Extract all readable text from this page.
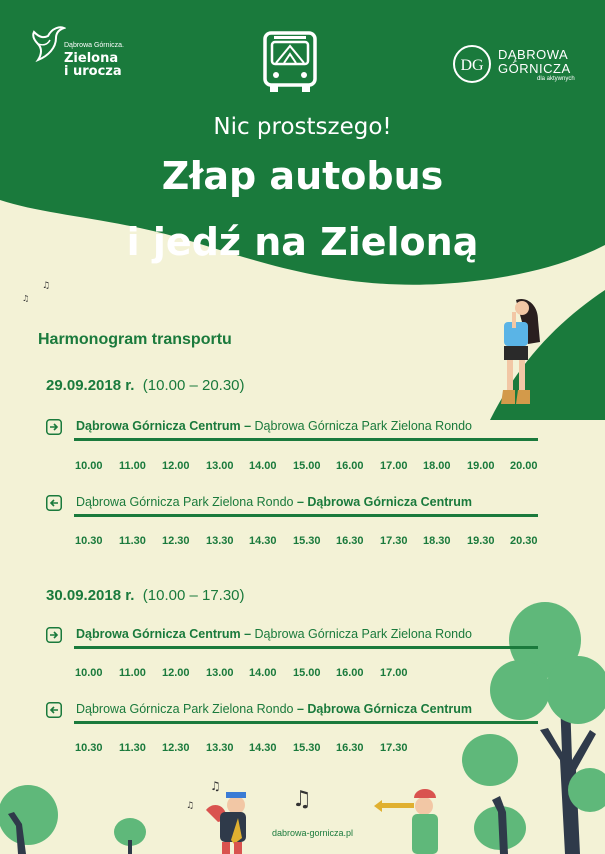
♫
♫
♫
♫
♫
Dąbrowa Górnicza.
Zielona
i urocza	DG
DĄBROWA
GÓRNICZA
dla aktywnych
Nic prostszego!
Złap autobus
i jedź na Zieloną
Harmonogram transportu
29.09.2018 r. (10.00 – 20.30)
Dąbrowa Górnicza Centrum – Dąbrowa Górnicza Park Zielona Rondo
10.00 11.00 12.00 13.00 14.00 15.00 16.00 17.00 18.00 19.00 20.00
Dąbrowa Górnicza Park Zielona Rondo – Dąbrowa Górnicza Centrum
10.30 11.30 12.30 13.30 14.30 15.30 16.30 17.30 18.30 19.30 20.30
30.09.2018 r. (10.00 – 17.30)
Dąbrowa Górnicza Centrum – Dąbrowa Górnicza Park Zielona Rondo
10.00 11.00 12.00 13.00 14.00 15.00 16.00 17.00
Dąbrowa Górnicza Park Zielona Rondo – Dąbrowa Górnicza Centrum
10.30 11.30 12.30 13.30 14.30 15.30 16.30 17.30
dabrowa-gornicza.pl
